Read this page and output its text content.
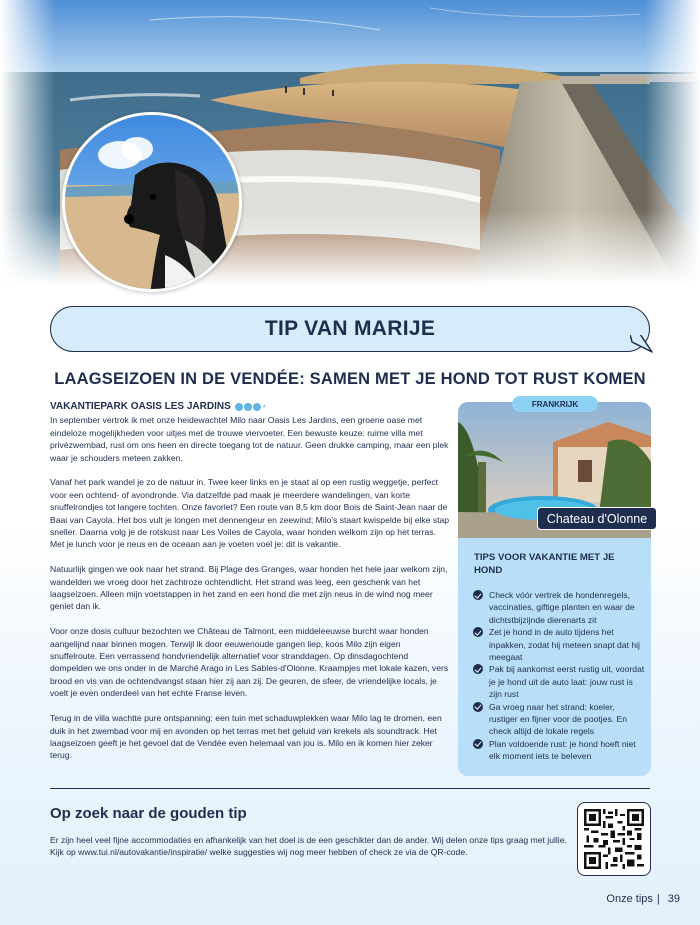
TIP VAN MARIJE
LAAGSEIZOEN IN DE VENDÉE: SAMEN MET JE HOND TOT RUST KOMEN
VAKANTIEPARK OASIS LES JARDINS	+

In september vertrok ik met onze heidewachtel Milo naar Oasis Les Jardins, een groene oase met eindeloze mogelijkheden voor uitjes met de trouwe viervoeter. Een bewuste keuze: ruime villa met privézwembad, rust om ons heen en directe toegang tot de natuur. Geen drukke camping, maar een plek waar je schouders meteen zakken.

Vanaf het park wandel je zo de natuur in. Twee keer links en je staat al op een rustig weggetje, perfect voor een ochtend- of avondronde. Via datzelfde pad maak je meerdere wandelingen, van korte snuffelrondjes tot langere tochten. Onze favoriet? Een route van 8,5 km door Bois de Saint-Jean naar de Baai van Cayola. Het bos vult je longen met dennengeur en zeewind; Milo's staart kwispelde bij elke stap sneller. Daarna volg je de rotskust naar Les Voiles de Cayola, waar honden welkom zijn op het terras. Met je lunch voor je neus en de oceaan aan je voeten voel je: dit is vakantie.

Natuurlijk gingen we ook naar het strand. Bij Plage des Granges, waar honden het hele jaar welkom zijn, wandelden we vroeg door het zachtroze ochtendlicht. Het strand was leeg, een geschenk van het laagseizoen. Alleen mijn voetstappen in het zand en een hond die met zijn neus in de wind nog meer geniet dan ik.

Voor onze dosis cultuur bezochten we Château de Talmont, een middeleeuwse burcht waar honden aangelijnd naar binnen mogen. Terwijl ik door eeuwenoude gangen liep, koos Milo zijn eigen snuffelroute. Een verrassend hondvriendelijk alternatief voor stranddagen. Op dinsdagochtend dompelden we ons onder in de Marché Arago in Les Sables-d'Olonne. Kraampjes met lokale kazen, vers brood en vis van de ochtendvangst staan hier zij aan zij. De geuren, de sfeer, de vriendelijke locals, je voelt je even onderdeel van het echte Franse leven.

Terug in de villa wachtte pure ontspanning: een tuin met schaduwplekken waar Milo lag te dromen, een duik in het zwembad voor mij en avonden op het terras met het geluid van krekels als soundtrack. Het laagseizoen geeft je het gevoel dat de Vendée even helemaal van jou is. Milo en ik komen hier zeker terug.

TIPS VOOR VAKANTIE MET JE HOND
FRANKRIJK
Chateau d'Olonne
Check vóór vertrek de hondenregels, vaccinaties, giftige planten en waar de dichtstbijzijnde dierenarts zit
Zet je hond in de auto tijdens het inpakken, zodat hij meteen snapt dat hij meegaat
Pak bij aankomst eerst rustig uit, voordat je je hond uit de auto laat: jouw rust is zijn rust
Ga vroeg naar het strand: koeler, rustiger en fijner voor de pootjes. En check altijd de lokale regels
Plan voldoende rust: je hond hoeft niet elk moment iets te beleven
Op zoek naar de gouden tip

Er zijn heel veel fijne accommodaties en afhankelijk van het doel is de een geschikter dan de ander. Wij delen onze tips graag met jullie. Kijk op www.tui.nl/autovakantie/inspiratie/ welke suggesties wij nog meer hebben of check ze via de QR-code.

Onze tips | 39
